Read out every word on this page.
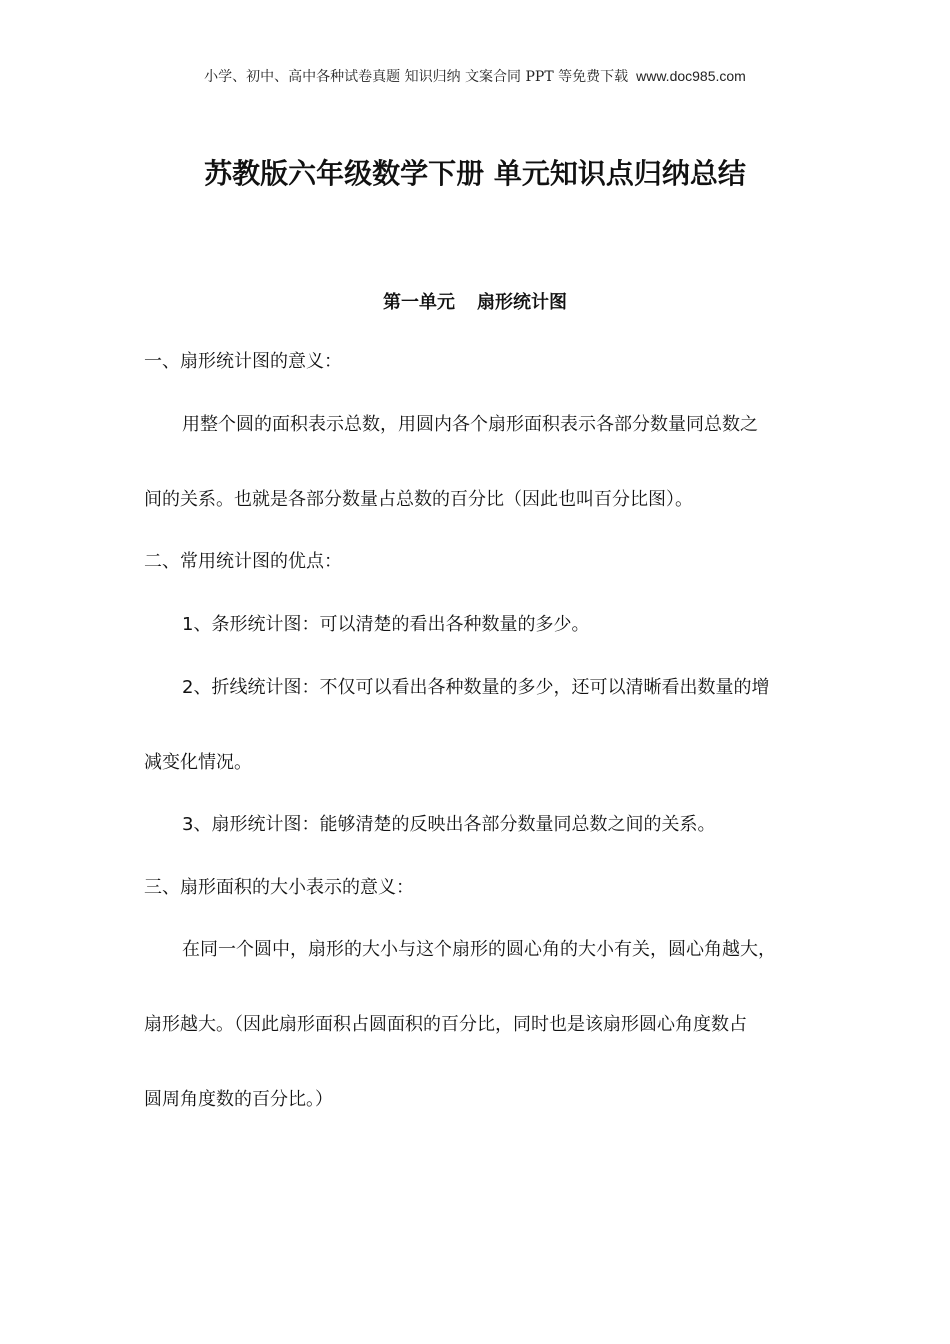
小学、初中、高中各种试卷真题 知识归纳 文案合同 PPT 等免费下载 www.doc985.com
苏教版六年级数学下册 单元知识点归纳总结
第一单元 扇形统计图
一、扇形统计图的意义：
用整个圆的面积表示总数，用圆内各个扇形面积表示各部分数量同总数之
间的关系。也就是各部分数量占总数的百分比（因此也叫百分比图）。
二、常用统计图的优点：
1、条形统计图：可以清楚的看出各种数量的多少。
2、折线统计图：不仅可以看出各种数量的多少，还可以清晰看出数量的增
减变化情况。
3、扇形统计图：能够清楚的反映出各部分数量同总数之间的关系。
三、扇形面积的大小表示的意义：
在同一个圆中，扇形的大小与这个扇形的圆心角的大小有关，圆心角越大，
扇形越大。（因此扇形面积占圆面积的百分比，同时也是该扇形圆心角度数占
圆周角度数的百分比。）
